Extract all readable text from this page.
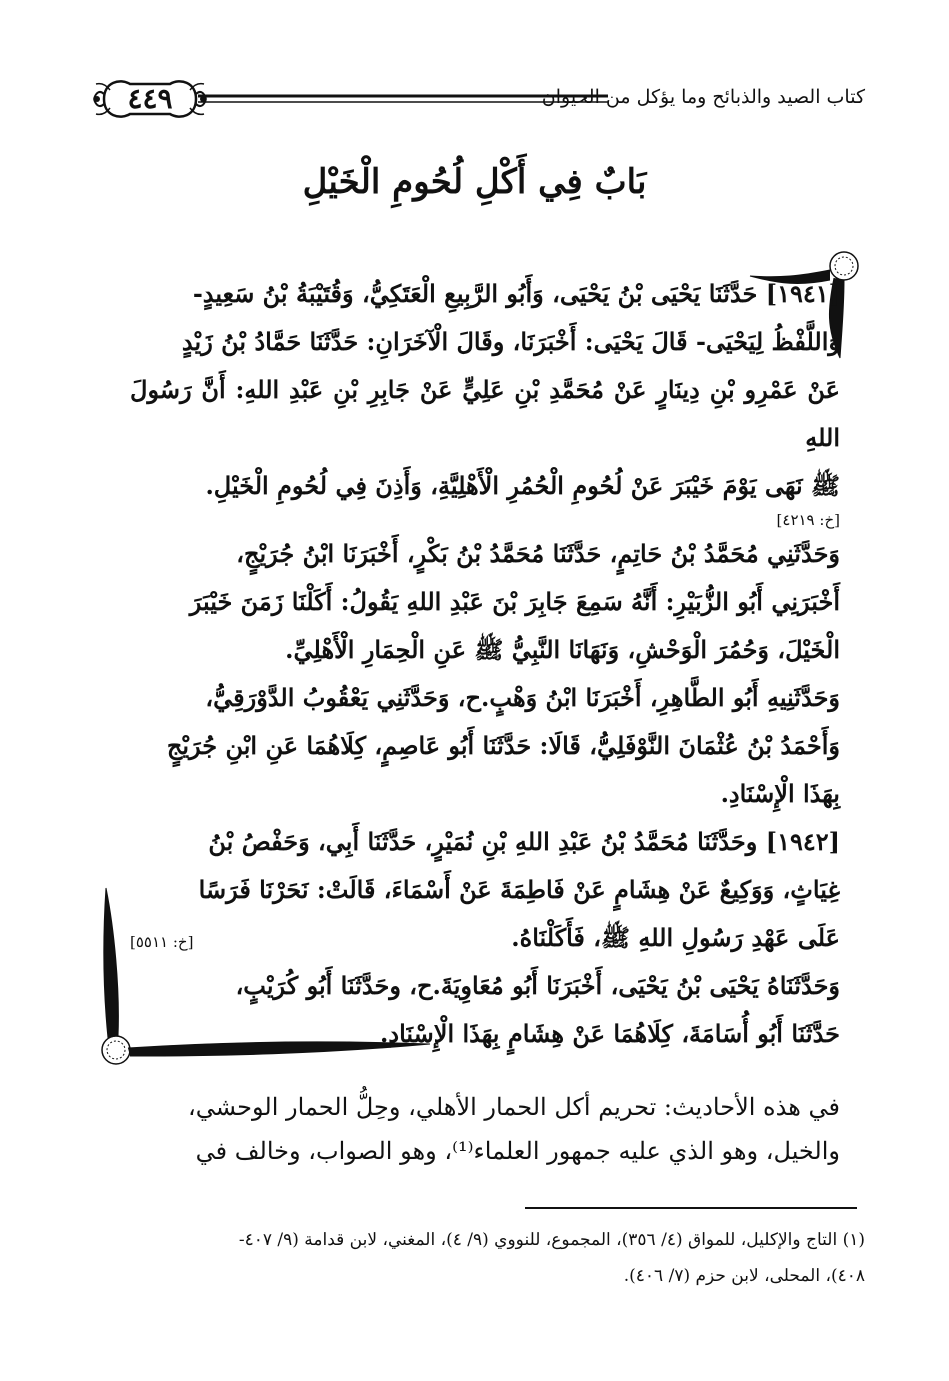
٤٤٩	كتاب الصيد والذبائح وما يؤكل من الحيوان
بَابٌ فِي أَكْلِ لُحُومِ الْخَيْلِ

[١٩٤١] حَدَّثَنَا يَحْيَى بْنُ يَحْيَى، وَأَبُو الرَّبِيعِ الْعَتَكِيُّ، وَقُتَيْبَةُ بْنُ سَعِيدٍ-

وَاللَّفْظُ لِيَحْيَى- قَالَ يَحْيَى: أَخْبَرَنَا، وقَالَ الْآخَرَانِ: حَدَّثَنَا حَمَّادُ بْنُ زَيْدٍ

عَنْ عَمْرِو بْنِ دِينَارٍ عَنْ مُحَمَّدِ بْنِ عَلِيٍّ عَنْ جَابِرِ بْنِ عَبْدِ اللهِ: أَنَّ رَسُولَ اللهِ

ﷺ نَهَى يَوْمَ خَيْبَرَ عَنْ لُحُومِ الْحُمُرِ الْأَهْلِيَّةِ، وَأَذِنَ فِي لُحُومِ الْخَيْلِ.

[خ: ٤٢١٩]

وَحَدَّثَنِي مُحَمَّدُ بْنُ حَاتِمٍ، حَدَّثَنَا مُحَمَّدُ بْنُ بَكْرٍ، أَخْبَرَنَا ابْنُ جُرَيْجٍ،

أَخْبَرَنِي أَبُو الزُّبَيْرِ: أَنَّهُ سَمِعَ جَابِرَ بْنَ عَبْدِ اللهِ يَقُولُ: أَكَلْنَا زَمَنَ خَيْبَرَ

الْخَيْلَ، وَحُمُرَ الْوَحْشِ، وَنَهَانَا النَّبِيُّ ﷺ عَنِ الْحِمَارِ الْأَهْلِيِّ.

وَحَدَّثَنِيهِ أَبُو الطَّاهِرِ، أَخْبَرَنَا ابْنُ وَهْبٍ.ح، وَحَدَّثَنِي يَعْقُوبُ الدَّوْرَقِيُّ،

وَأَحْمَدُ بْنُ عُثْمَانَ النَّوْفَلِيُّ، قَالَا: حَدَّثَنَا أَبُو عَاصِمٍ، كِلَاهُمَا عَنِ ابْنِ جُرَيْجٍ

بِهَذَا الْإِسْنَادِ.

[١٩٤٢] وحَدَّثَنَا مُحَمَّدُ بْنُ عَبْدِ اللهِ بْنِ نُمَيْرٍ، حَدَّثَنَا أَبِي، وَحَفْصُ بْنُ

غِيَاثٍ، وَوَكِيعٌ عَنْ هِشَامٍ عَنْ فَاطِمَةَ عَنْ أَسْمَاءَ، قَالَتْ: نَحَرْنَا فَرَسًا

عَلَى عَهْدِ رَسُولِ اللهِ ﷺ، فَأَكَلْنَاهُ.
[خ: ٥٥١١]

وَحَدَّثَنَاهُ يَحْيَى بْنُ يَحْيَى، أَخْبَرَنَا أَبُو مُعَاوِيَةَ.ح، وحَدَّثَنَا أَبُو كُرَيْبٍ،

حَدَّثَنَا أَبُو أُسَامَةَ، كِلَاهُمَا عَنْ هِشَامٍ بِهَذَا الْإِسْنَادِ.

في هذه الأحاديث: تحريم أكل الحمار الأهلي، وحِلُّ الحمار الوحشي،

والخيل، وهو الذي عليه جمهور العلماء⁽¹⁾، وهو الصواب، وخالف في

(١) التاج والإكليل، للمواق (٤/ ٣٥٦)، المجموع، للنووي (٩/ ٤)، المغني، لابن قدامة (٩/ ٤٠٧-

٤٠٨)، المحلى، لابن حزم (٧/ ٤٠٦).
